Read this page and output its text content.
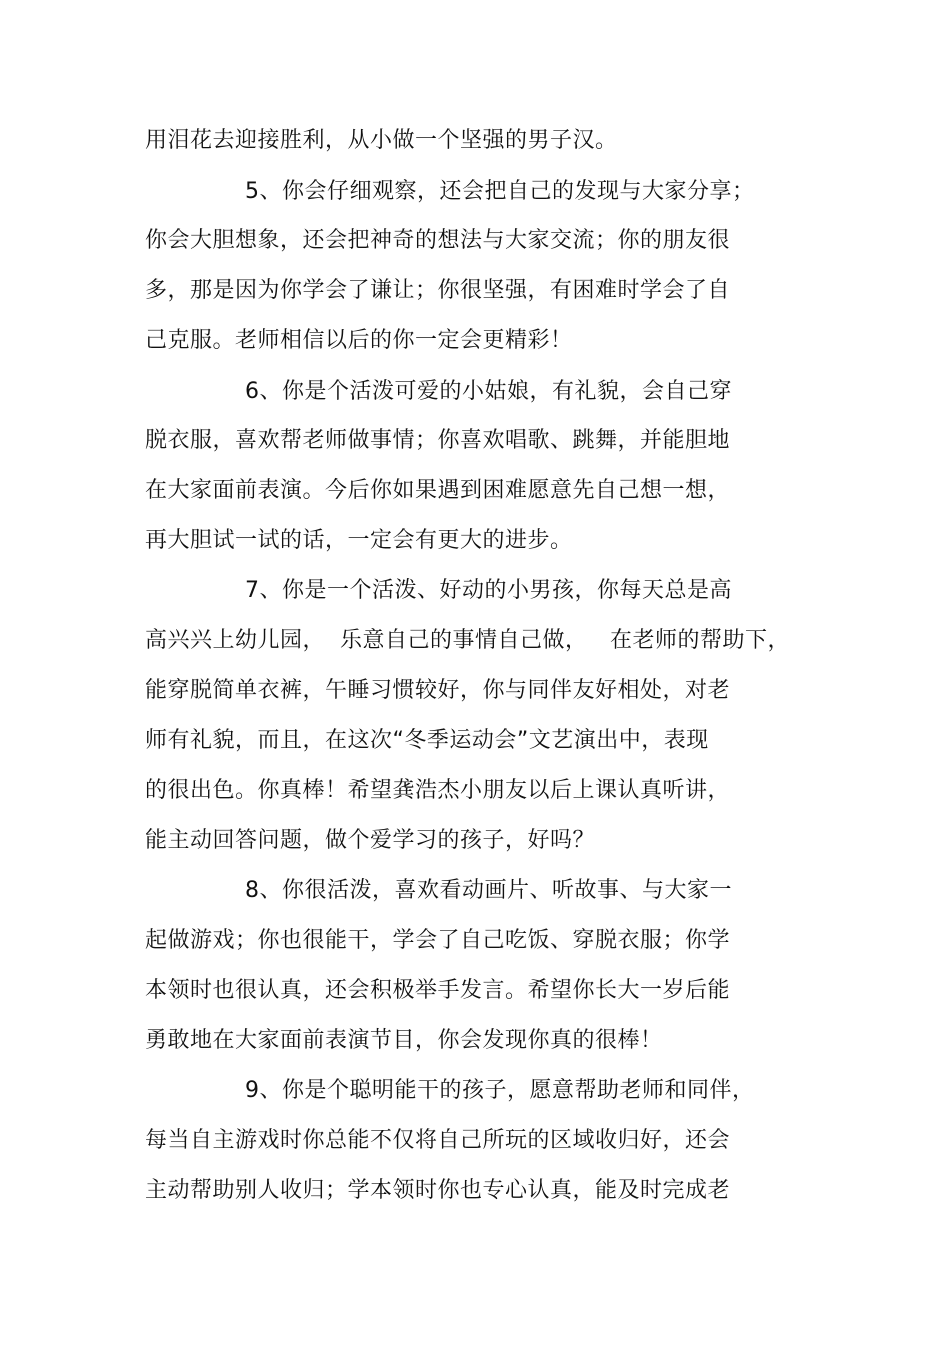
用泪花去迎接胜利，从小做一个坚强的男子汉。
5、你会仔细观察，还会把自己的发现与大家分享；
你会大胆想象，还会把神奇的想法与大家交流；你的朋友很
多，那是因为你学会了谦让；你很坚强，有困难时学会了自
己克服。老师相信以后的你一定会更精彩！
6、你是个活泼可爱的小姑娘，有礼貌，会自己穿
脱衣服，喜欢帮老师做事情；你喜欢唱歌、跳舞，并能胆地
在大家面前表演。今后你如果遇到困难愿意先自己想一想，
再大胆试一试的话，一定会有更大的进步。
7、你是一个活泼、好动的小男孩，你每天总是高
高兴兴上幼儿园，  乐意自己的事情自己做，   在老师的帮助下，
能穿脱简单衣裤，午睡习惯较好，你与同伴友好相处，对老
师有礼貌，而且，在这次“冬季运动会”文艺演出中，表现
的很出色。你真棒！希望龚浩杰小朋友以后上课认真听讲，
能主动回答问题，做个爱学习的孩子，好吗？
8、你很活泼，喜欢看动画片、听故事、与大家一
起做游戏；你也很能干，学会了自己吃饭、穿脱衣服；你学
本领时也很认真，还会积极举手发言。希望你长大一岁后能
勇敢地在大家面前表演节目，你会发现你真的很棒！
9、你是个聪明能干的孩子，愿意帮助老师和同伴，
每当自主游戏时你总能不仅将自己所玩的区域收归好，还会
主动帮助别人收归；学本领时你也专心认真，能及时完成老
